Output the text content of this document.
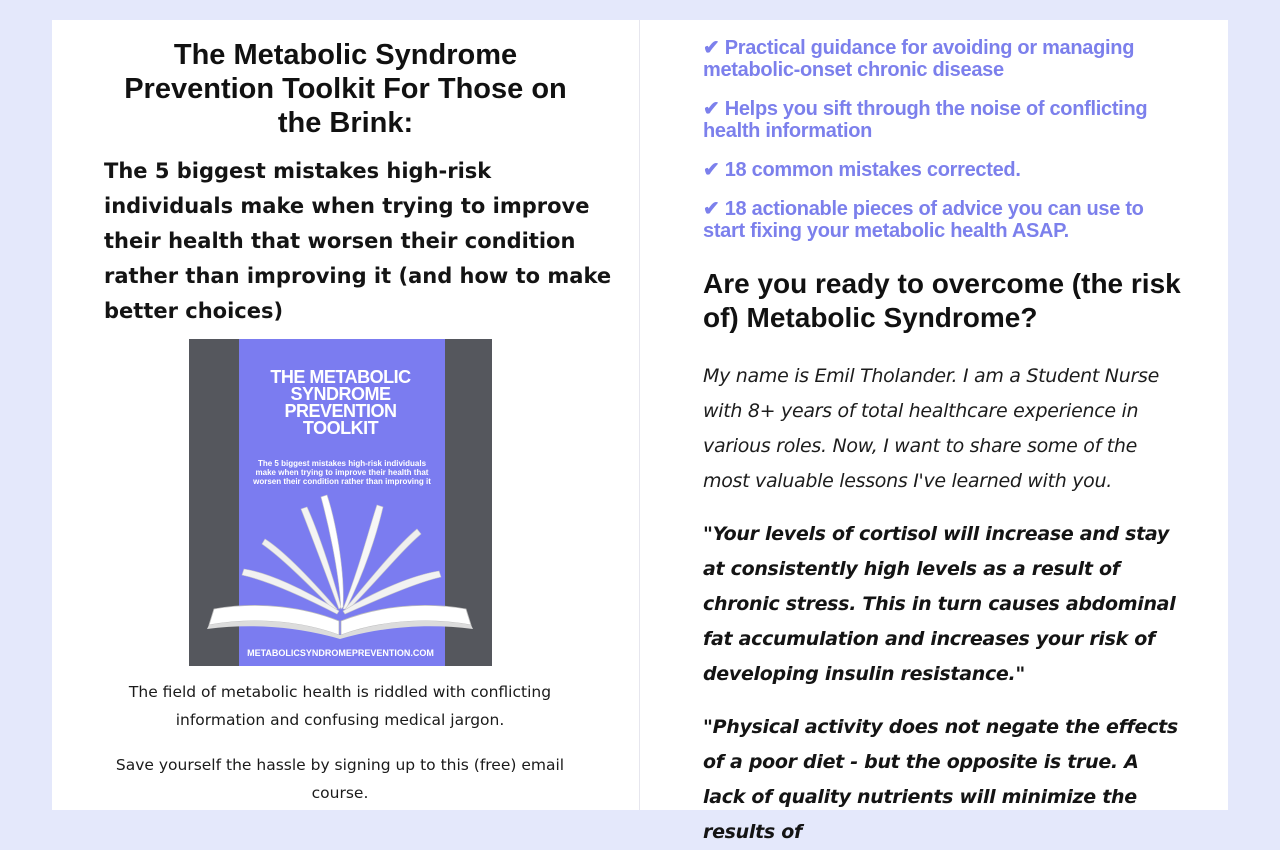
The Metabolic Syndrome Prevention Toolkit For Those on the Brink:
The 5 biggest mistakes high-risk individuals make when trying to improve their health that worsen their condition rather than improving it (and how to make better choices)
THE METABOLIC
SYNDROME
PREVENTION
TOOLKIT
The 5 biggest mistakes high-risk individuals make when trying to improve their health that worsen their condition rather than improving it
METABOLICSYNDROMEPREVENTION.COM

The field of metabolic health is riddled with conflicting information and confusing medical jargon.

Save yourself the hassle by signing up to this (free) email course.

✔ Practical guidance for avoiding or managing metabolic-onset chronic disease
✔ Helps you sift through the noise of conflicting health information
✔ 18 common mistakes corrected.
✔ 18 actionable pieces of advice you can use to start fixing your metabolic health ASAP.
Are you ready to overcome (the risk of) Metabolic Syndrome?

My name is Emil Tholander. I am a Student Nurse with 8+ years of total healthcare experience in various roles. Now, I want to share some of the most valuable lessons I've learned with you.

"Your levels of cortisol will increase and stay at consistently high levels as a result of chronic stress. This in turn causes abdominal fat accumulation and increases your risk of developing insulin resistance."

"Physical activity does not negate the effects of a poor diet - but the opposite is true. A lack of quality nutrients will minimize the results of
